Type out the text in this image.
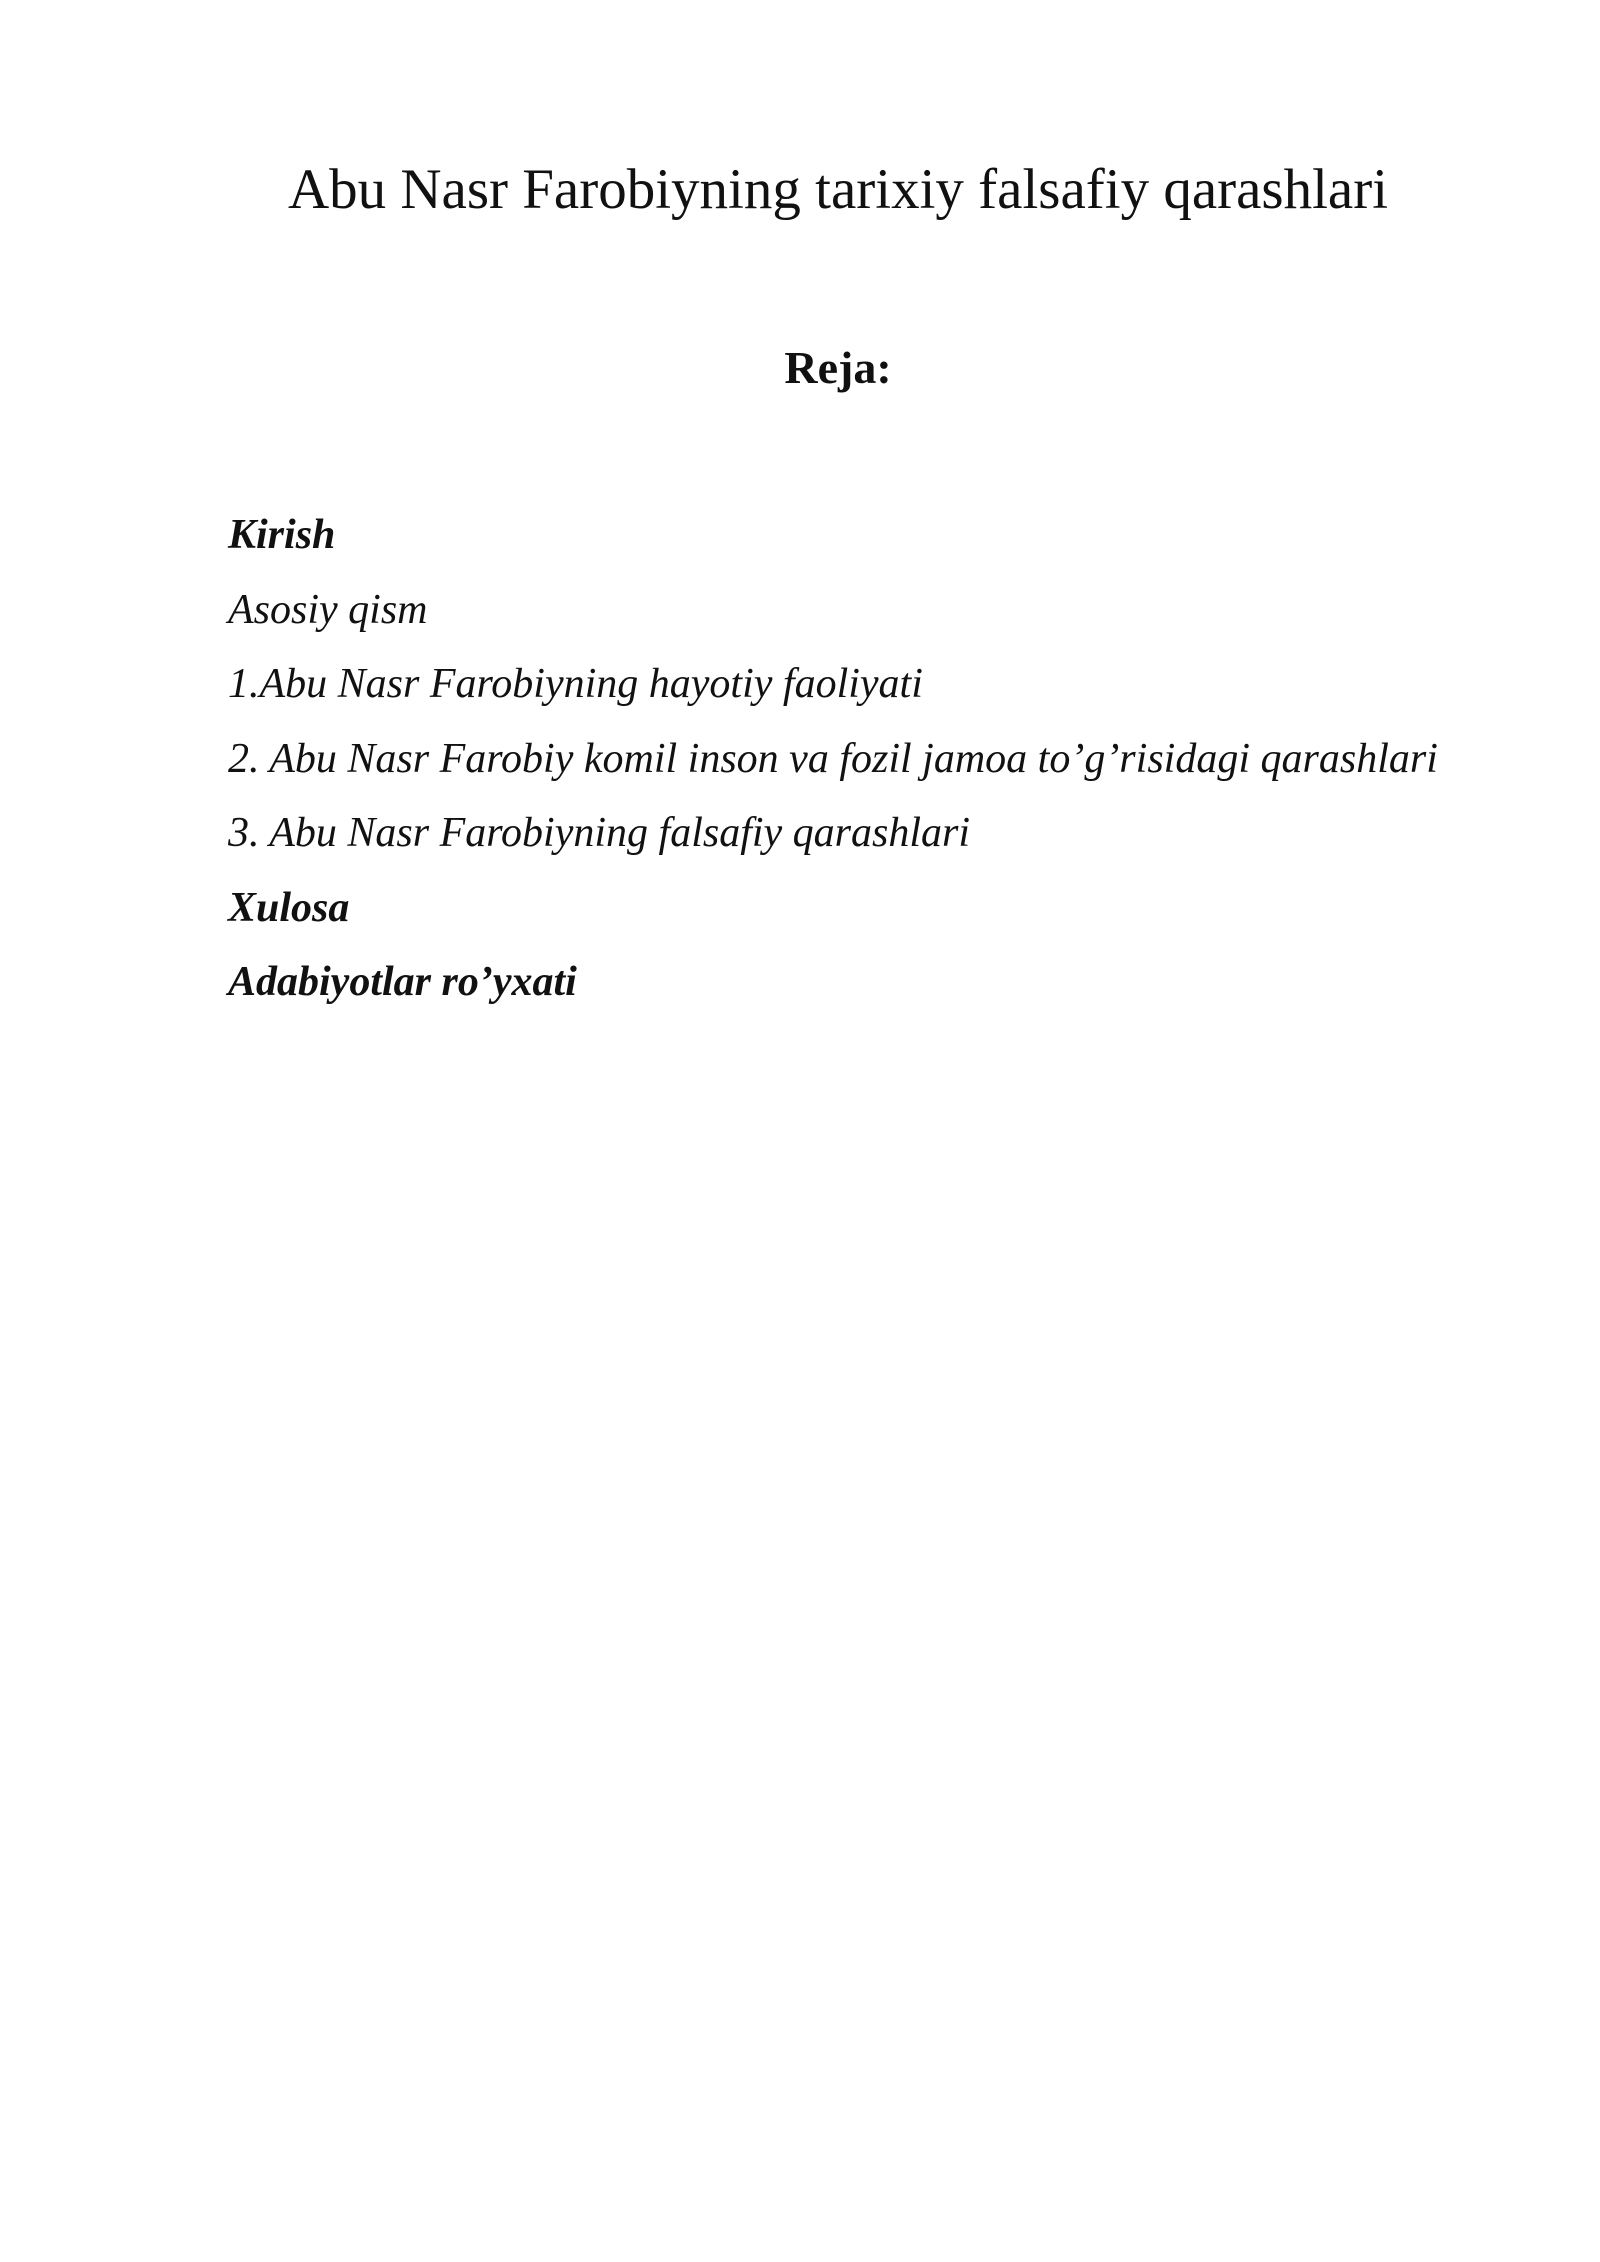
Abu Nasr Farobiyning tarixiy falsafiy qarashlari
Reja:
Kirish
Asosiy qism
1.Abu Nasr Farobiyning hayotiy faoliyati
2. Abu Nasr Farobiy komil inson va fozil jamoa to’g’risidagi qarashlari
3. Abu Nasr Farobiyning falsafiy qarashlari
Xulosa
Adabiyotlar ro’yxati
